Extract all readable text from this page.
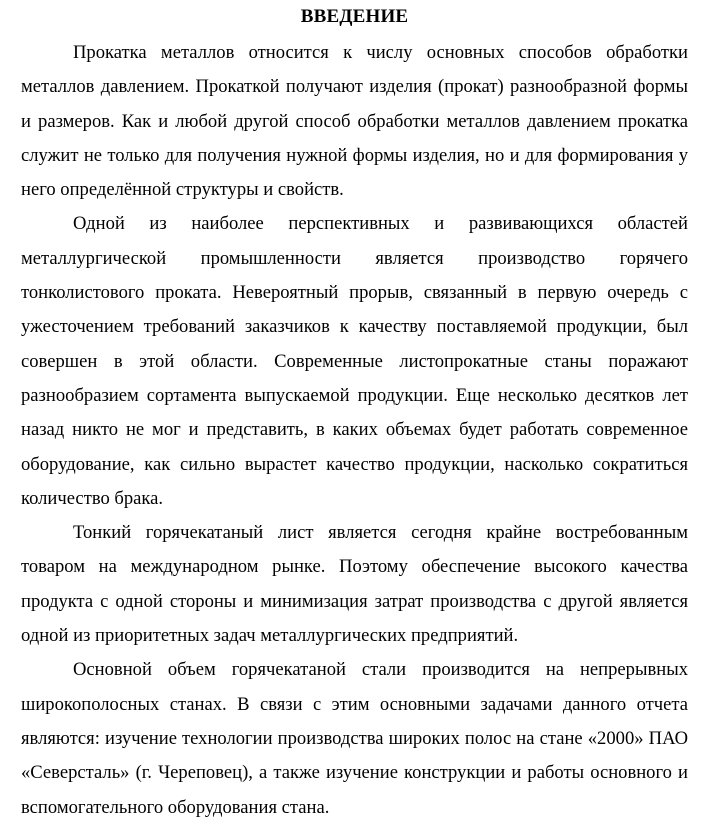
ВВЕДЕНИЕ

Прокатка металлов относится к числу основных способов обработки металлов давлением. Прокаткой получают изделия (прокат) разнообразной формы и размеров. Как и любой другой способ обработки металлов давлением прокатка служит не только для получения нужной формы изделия, но и для формирования у него определённой структуры и свойств.

Одной из наиболее перспективных и развивающихся областей металлургической промышленности является производство горячего тонколистового проката. Невероятный прорыв, связанный в первую очередь с ужесточением требований заказчиков к качеству поставляемой продукции, был совершен в этой области. Современные листопрокатные станы поражают разнообразием сортамента выпускаемой продукции. Еще несколько десятков лет назад никто не мог и представить, в каких объемах будет работать современное оборудование, как сильно вырастет качество продукции, насколько сократиться количество брака.

Тонкий горячекатаный лист является сегодня крайне востребованным товаром на международном рынке. Поэтому обеспечение высокого качества продукта с одной стороны и минимизация затрат производства с другой является одной из приоритетных задач металлургических предприятий.

Основной объем горячекатаной стали производится на непрерывных широкополосных станах. В связи с этим основными задачами данного отчета являются: изучение технологии производства широких полос на стане «2000» ПАО «Северсталь» (г. Череповец), а также изучение конструкции и работы основного и вспомогательного оборудования стана.
